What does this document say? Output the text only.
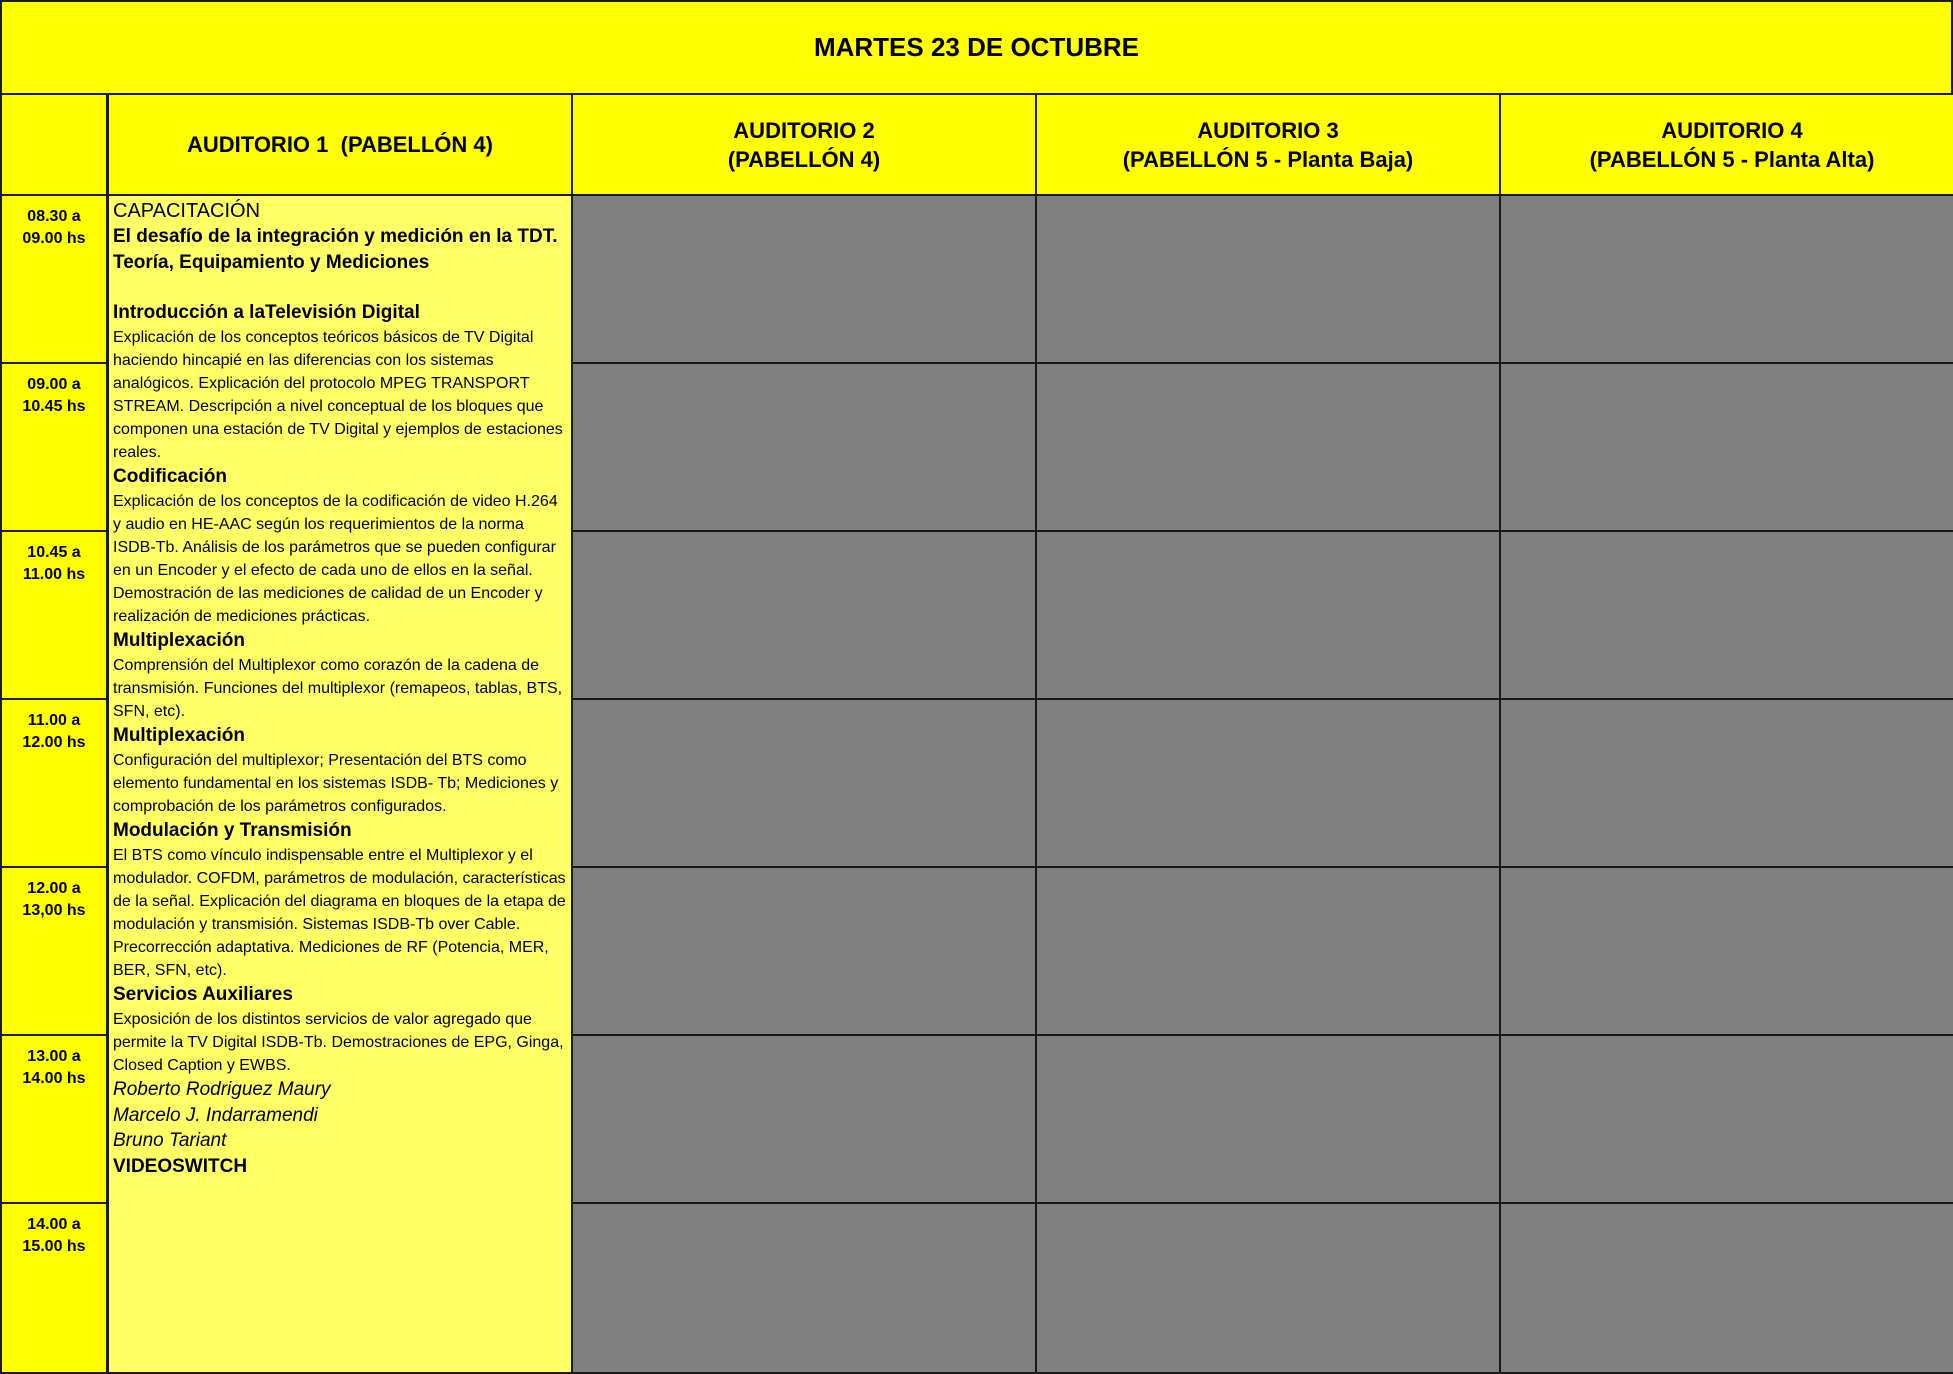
MARTES 23 DE OCTUBRE
AUDITORIO 1  (PABELLÓN 4)
AUDITORIO 2
(PABELLÓN 4)
AUDITORIO 3
(PABELLÓN 5 - Planta Baja)
AUDITORIO 4
(PABELLÓN 5 - Planta Alta)
08.30 a
09.00 hs
09.00 a
10.45 hs
10.45 a
11.00 hs
11.00 a
12.00 hs
12.00 a
13,00 hs
13.00 a
14.00 hs
14.00 a
15.00 hs
CAPACITACIÓN
El desafío de la integración y medición en la TDT. Teoría, Equipamiento y Mediciones
Introducción a laTelevisión Digital
Explicación de los conceptos teóricos básicos de TV Digital haciendo hincapié en las diferencias con los sistemas analógicos. Explicación del protocolo MPEG TRANSPORT STREAM. Descripción a nivel conceptual de los bloques que componen una estación de TV Digital y ejemplos de estaciones reales.
Codificación
Explicación de los conceptos de la codificación de video H.264 y audio en HE-AAC según los requerimientos de la norma ISDB-Tb. Análisis de los parámetros que se pueden configurar en un Encoder y el efecto de cada uno de ellos en la señal. Demostración de las mediciones de calidad de un Encoder y realización de mediciones prácticas.
Multiplexación
Comprensión del Multiplexor como corazón de la cadena de transmisión. Funciones del multiplexor (remapeos, tablas, BTS, SFN, etc).
Multiplexación
Configuración del multiplexor; Presentación del BTS como elemento fundamental en los sistemas ISDB- Tb; Mediciones y comprobación de los parámetros configurados.
Modulación y Transmisión
El BTS como vínculo indispensable entre el Multiplexor y el modulador. COFDM, parámetros de modulación, características de la señal. Explicación del diagrama en bloques de la etapa de modulación y transmisión. Sistemas ISDB-Tb over Cable. Precorrección adaptativa. Mediciones de RF (Potencia, MER, BER, SFN, etc).
Servicios Auxiliares
Exposición de los distintos servicios de valor agregado que permite la TV Digital ISDB-Tb. Demostraciones de EPG, Ginga, Closed Caption y EWBS.
Roberto Rodriguez Maury
Marcelo J. Indarramendi
Bruno Tariant
VIDEOSWITCH
